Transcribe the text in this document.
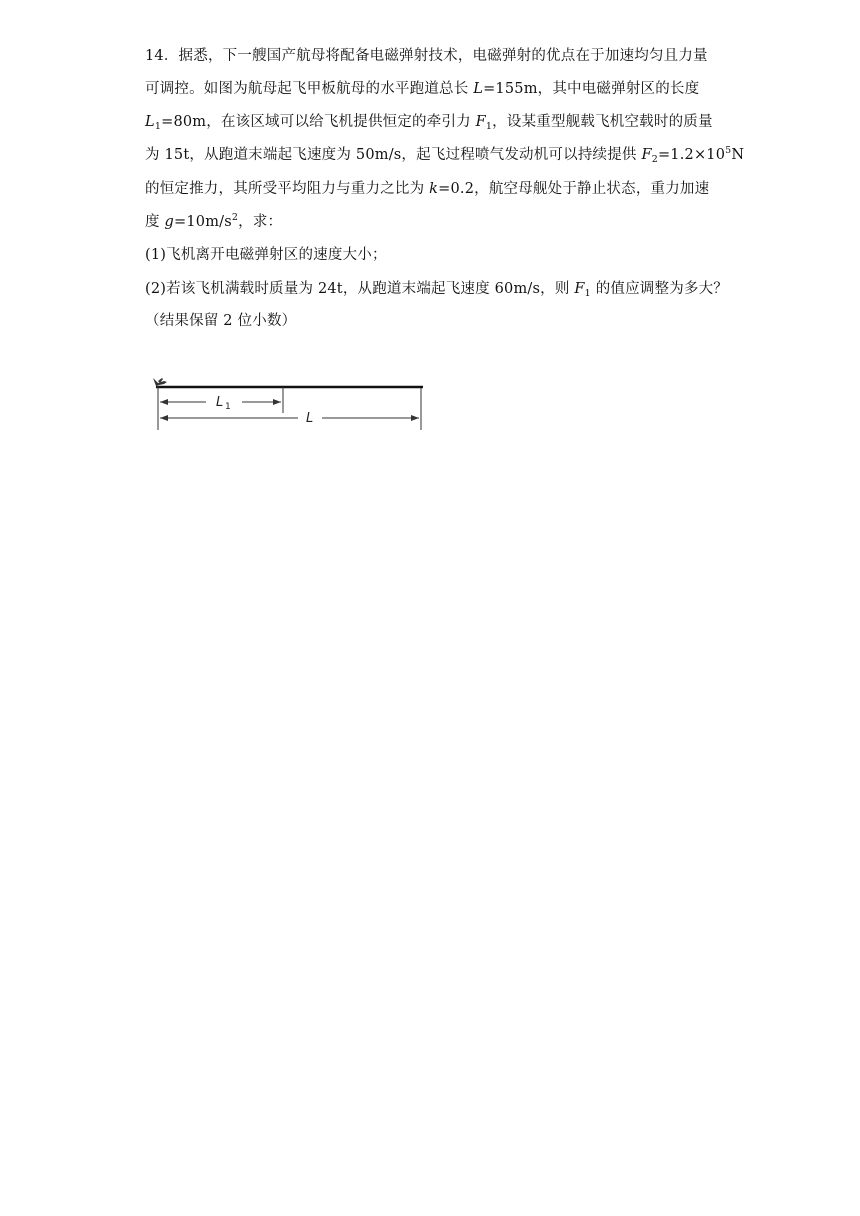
14．据悉，下一艘国产航母将配备电磁弹射技术，电磁弹射的优点在于加速均匀且力量
可调控。如图为航母起飞甲板航母的水平跑道总长 L=155m，其中电磁弹射区的长度
$L_1=80m$，在该区域可以给飞机提供恒定的牵引力 $F_1$，设某重型舰载飞机空载时的质量
为 15t，从跑道末端起飞速度为 50m/s，起飞过程喷气发动机可以持续提供 $F_2=1.2\times 10^5N$
的恒定推力，其所受平均阻力与重力之比为 k=0.2，航空母舰处于静止状态，重力加速
度 $g=10m/s^2$，求：
(1)飞机离开电磁弹射区的速度大小；
(2)若该飞机满载时质量为 24t，从跑道末端起飞速度 60m/s，则 $F_1$ 的值应调整为多大？
（结果保留 2 位小数）
L 1
L
